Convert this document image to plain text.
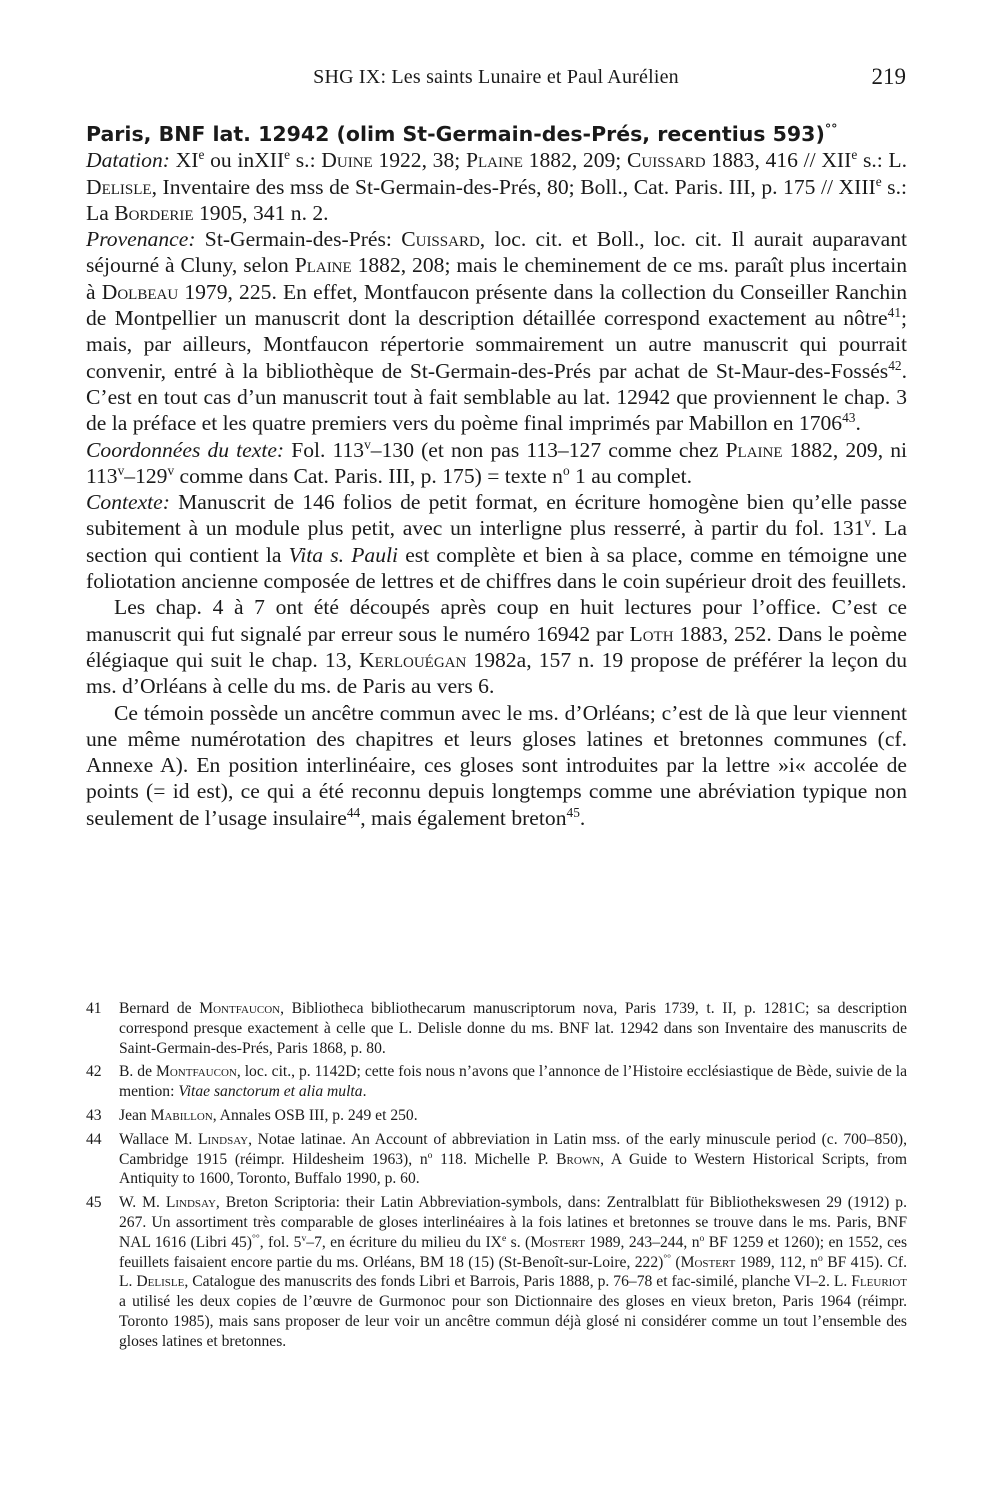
SHG IX: Les saints Lunaire et Paul Aurélien	219

Paris, BNF lat. 12942 (olim St-Germain-des-Prés, recentius 593)°°

Datation: XIe ou inXII$^e$ s.: Duine 1922, 38; Plaine 1882, 209; Cuissard 1883, 416 // XIIe s.: L. Delisle, Inventaire des mss de St-Germain-des-Prés, 80; Boll., Cat. Paris. III, p. 175 // XIIIe s.: La Borderie 1905, 341 n. 2.

Provenance: St-Germain-des-Prés: Cuissard, loc. cit. et Boll., loc. cit. Il aurait auparavant séjourné à Cluny, selon Plaine 1882, 208; mais le cheminement de ce ms. paraît plus incertain à Dolbeau 1979, 225. En effet, Montfaucon présente dans la collection du Conseiller Ranchin de Montpellier un manuscrit dont la description détaillée correspond exactement au nôtre$^{41}$; mais, par ailleurs, Montfaucon répertorie sommairement un autre manuscrit qui pourrait convenir, entré à la bibliothèque de St-Germain-des-Prés par achat de St-Maur-des-Fossés$^{42}$. C’est en tout cas d’un manuscrit tout à fait semblable au lat. 12942 que proviennent le chap. 3 de la préface et les quatre premiers vers du poème final imprimés par Mabillon en 1706$^{43}$.

Coordonnées du texte: Fol. 113$^v$–130 (et non pas 113–127 comme chez Plaine 1882, 209, ni 113$^v$–129$^v$ comme dans Cat. Paris. III, p. 175) = texte $n^o$ 1 au complet.

Contexte: Manuscrit de 146 folios de petit format, en écriture homogène bien qu’elle passe subitement à un module plus petit, avec un interligne plus resserré, à partir du fol. 131$^v$. La section qui contient la Vita s. Pauli est complète et bien à sa place, comme en témoigne une foliotation ancienne composée de lettres et de chiffres dans le coin supérieur droit des feuillets.

Les chap. 4 à 7 ont été découpés après coup en huit lectures pour l’office. C’est ce manuscrit qui fut signalé par erreur sous le numéro 16942 par Loth 1883, 252. Dans le poème élégiaque qui suit le chap. 13, Kerlouégan 1982a, 157 n. 19 propose de préférer la leçon du ms. d’Orléans à celle du ms. de Paris au vers 6.

Ce témoin possède un ancêtre commun avec le ms. d’Orléans; c’est de là que leur viennent une même numérotation des chapitres et leurs gloses latines et bretonnes communes (cf. Annexe A). En position interlinéaire, ces gloses sont introduites par la lettre »i« accolée de points (= id est), ce qui a été reconnu depuis longtemps comme une abréviation typique non seulement de l’usage insulaire$^{44}$, mais également breton$^{45}$.

41	Bernard de Montfaucon, Bibliotheca bibliothecarum manuscriptorum nova, Paris 1739, t. II, p. 1281C; sa description correspond presque exactement à celle que L. Delisle donne du ms. BNF lat. 12942 dans son Inventaire des manuscrits de Saint-Germain-des-Prés, Paris 1868, p. 80.
42	B. de Montfaucon, loc. cit., p. 1142D; cette fois nous n’avons que l’annonce de l’Histoire ecclésiastique de Bède, suivie de la mention: Vitae sanctorum et alia multa.
43	Jean Mabillon, Annales OSB III, p. 249 et 250.
44	Wallace M. Lindsay, Notae latinae. An Account of abbreviation in Latin mss. of the early minuscule period (c. 700–850), Cambridge 1915 (réimpr. Hildesheim 1963), $n^o$ 118. Michelle P. Brown, A Guide to Western Historical Scripts, from Antiquity to 1600, Toronto, Buffalo 1990, p. 60.
45	W. M. Lindsay, Breton Scriptoria: their Latin Abbreviation-symbols, dans: Zentralblatt für Bibliothekswesen 29 (1912) p. 267. Un assortiment très comparable de gloses interlinéaires à la fois latines et bretonnes se trouve dans le ms. Paris, BNF NAL 1616 (Libri 45)°°, fol. 5$^v$–7, en écriture du milieu du IXe s. (Mostert 1989, 243–244, $n^o$ BF 1259 et 1260); en 1552, ces feuillets faisaient encore partie du ms. Orléans, BM 18 (15) (St-Benoît-sur-Loire, 222)°° (Mostert 1989, 112, $n^o$ BF 415). Cf. L. Delisle, Catalogue des manuscrits des fonds Libri et Barrois, Paris 1888, p. 76–78 et fac-similé, planche VI–2. L. Fleuriot a utilisé les deux copies de l’œuvre de Gurmonoc pour son Dictionnaire des gloses en vieux breton, Paris 1964 (réimpr. Toronto 1985), mais sans proposer de leur voir un ancêtre commun déjà glosé ni considérer comme un tout l’ensemble des gloses latines et bretonnes.
